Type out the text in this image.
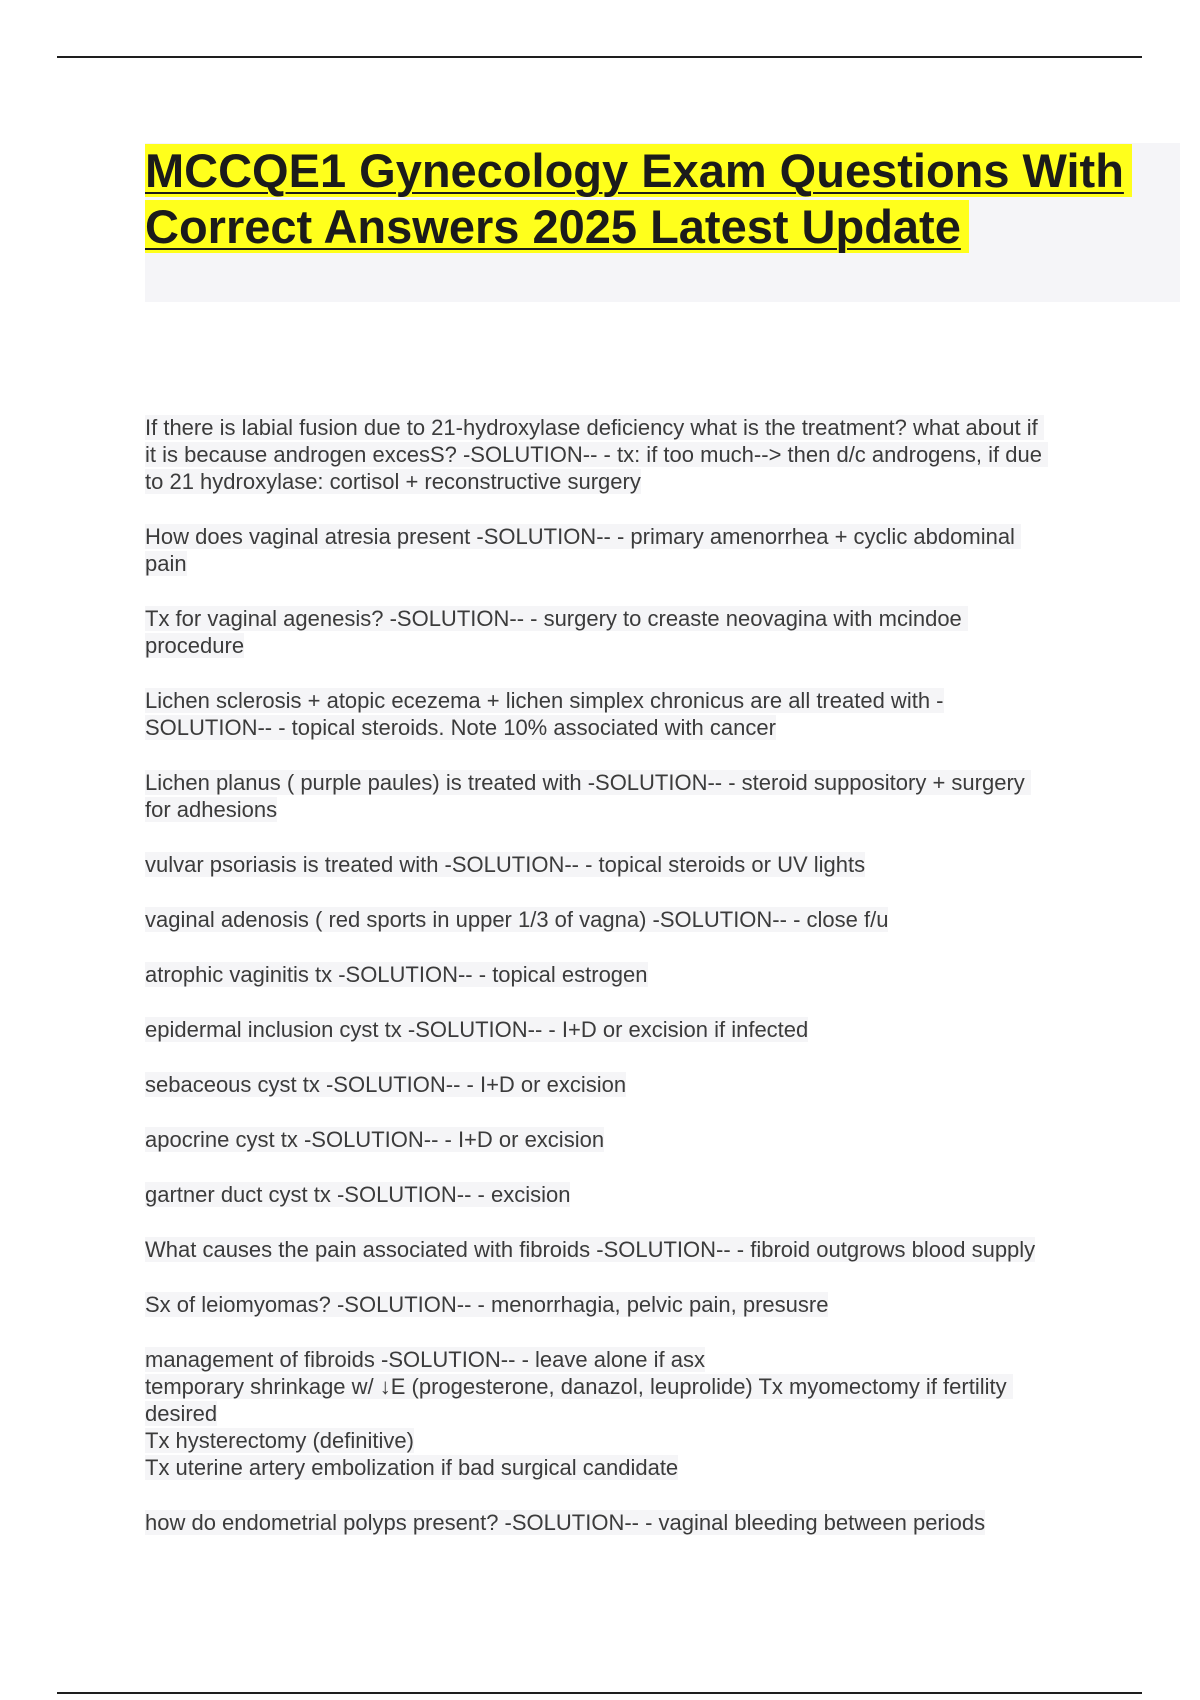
MCCQE1 Gynecology Exam Questions With Correct Answers 2025 Latest Update

If there is labial fusion due to 21-hydroxylase deficiency what is the treatment? what about if it is because androgen excesS? -SOLUTION-- - tx: if too much--> then d/c androgens, if due to 21 hydroxylase: cortisol + reconstructive surgery

How does vaginal atresia present -SOLUTION-- - primary amenorrhea + cyclic abdominal pain

Tx for vaginal agenesis? -SOLUTION-- - surgery to creaste neovagina with mcindoe procedure

Lichen sclerosis + atopic ecezema + lichen simplex chronicus are all treated with -SOLUTION-- - topical steroids. Note 10% associated with cancer

Lichen planus ( purple paules) is treated with -SOLUTION-- - steroid suppository + surgery for adhesions

vulvar psoriasis is treated with -SOLUTION-- - topical steroids or UV lights

vaginal adenosis ( red sports in upper 1/3 of vagna) -SOLUTION-- - close f/u

atrophic vaginitis tx -SOLUTION-- - topical estrogen

epidermal inclusion cyst tx -SOLUTION-- - I+D or excision if infected

sebaceous cyst tx -SOLUTION-- - I+D or excision

apocrine cyst tx -SOLUTION-- - I+D or excision

gartner duct cyst tx -SOLUTION-- - excision

What causes the pain associated with fibroids -SOLUTION-- - fibroid outgrows blood supply

Sx of leiomyomas? -SOLUTION-- - menorrhagia, pelvic pain, presusre

management of fibroids -SOLUTION-- - leave alone if asx
temporary shrinkage w/ ↓E (progesterone, danazol, leuprolide) Tx myomectomy if fertility desired
Tx hysterectomy (definitive)
Tx uterine artery embolization if bad surgical candidate

how do endometrial polyps present? -SOLUTION-- - vaginal bleeding between periods
